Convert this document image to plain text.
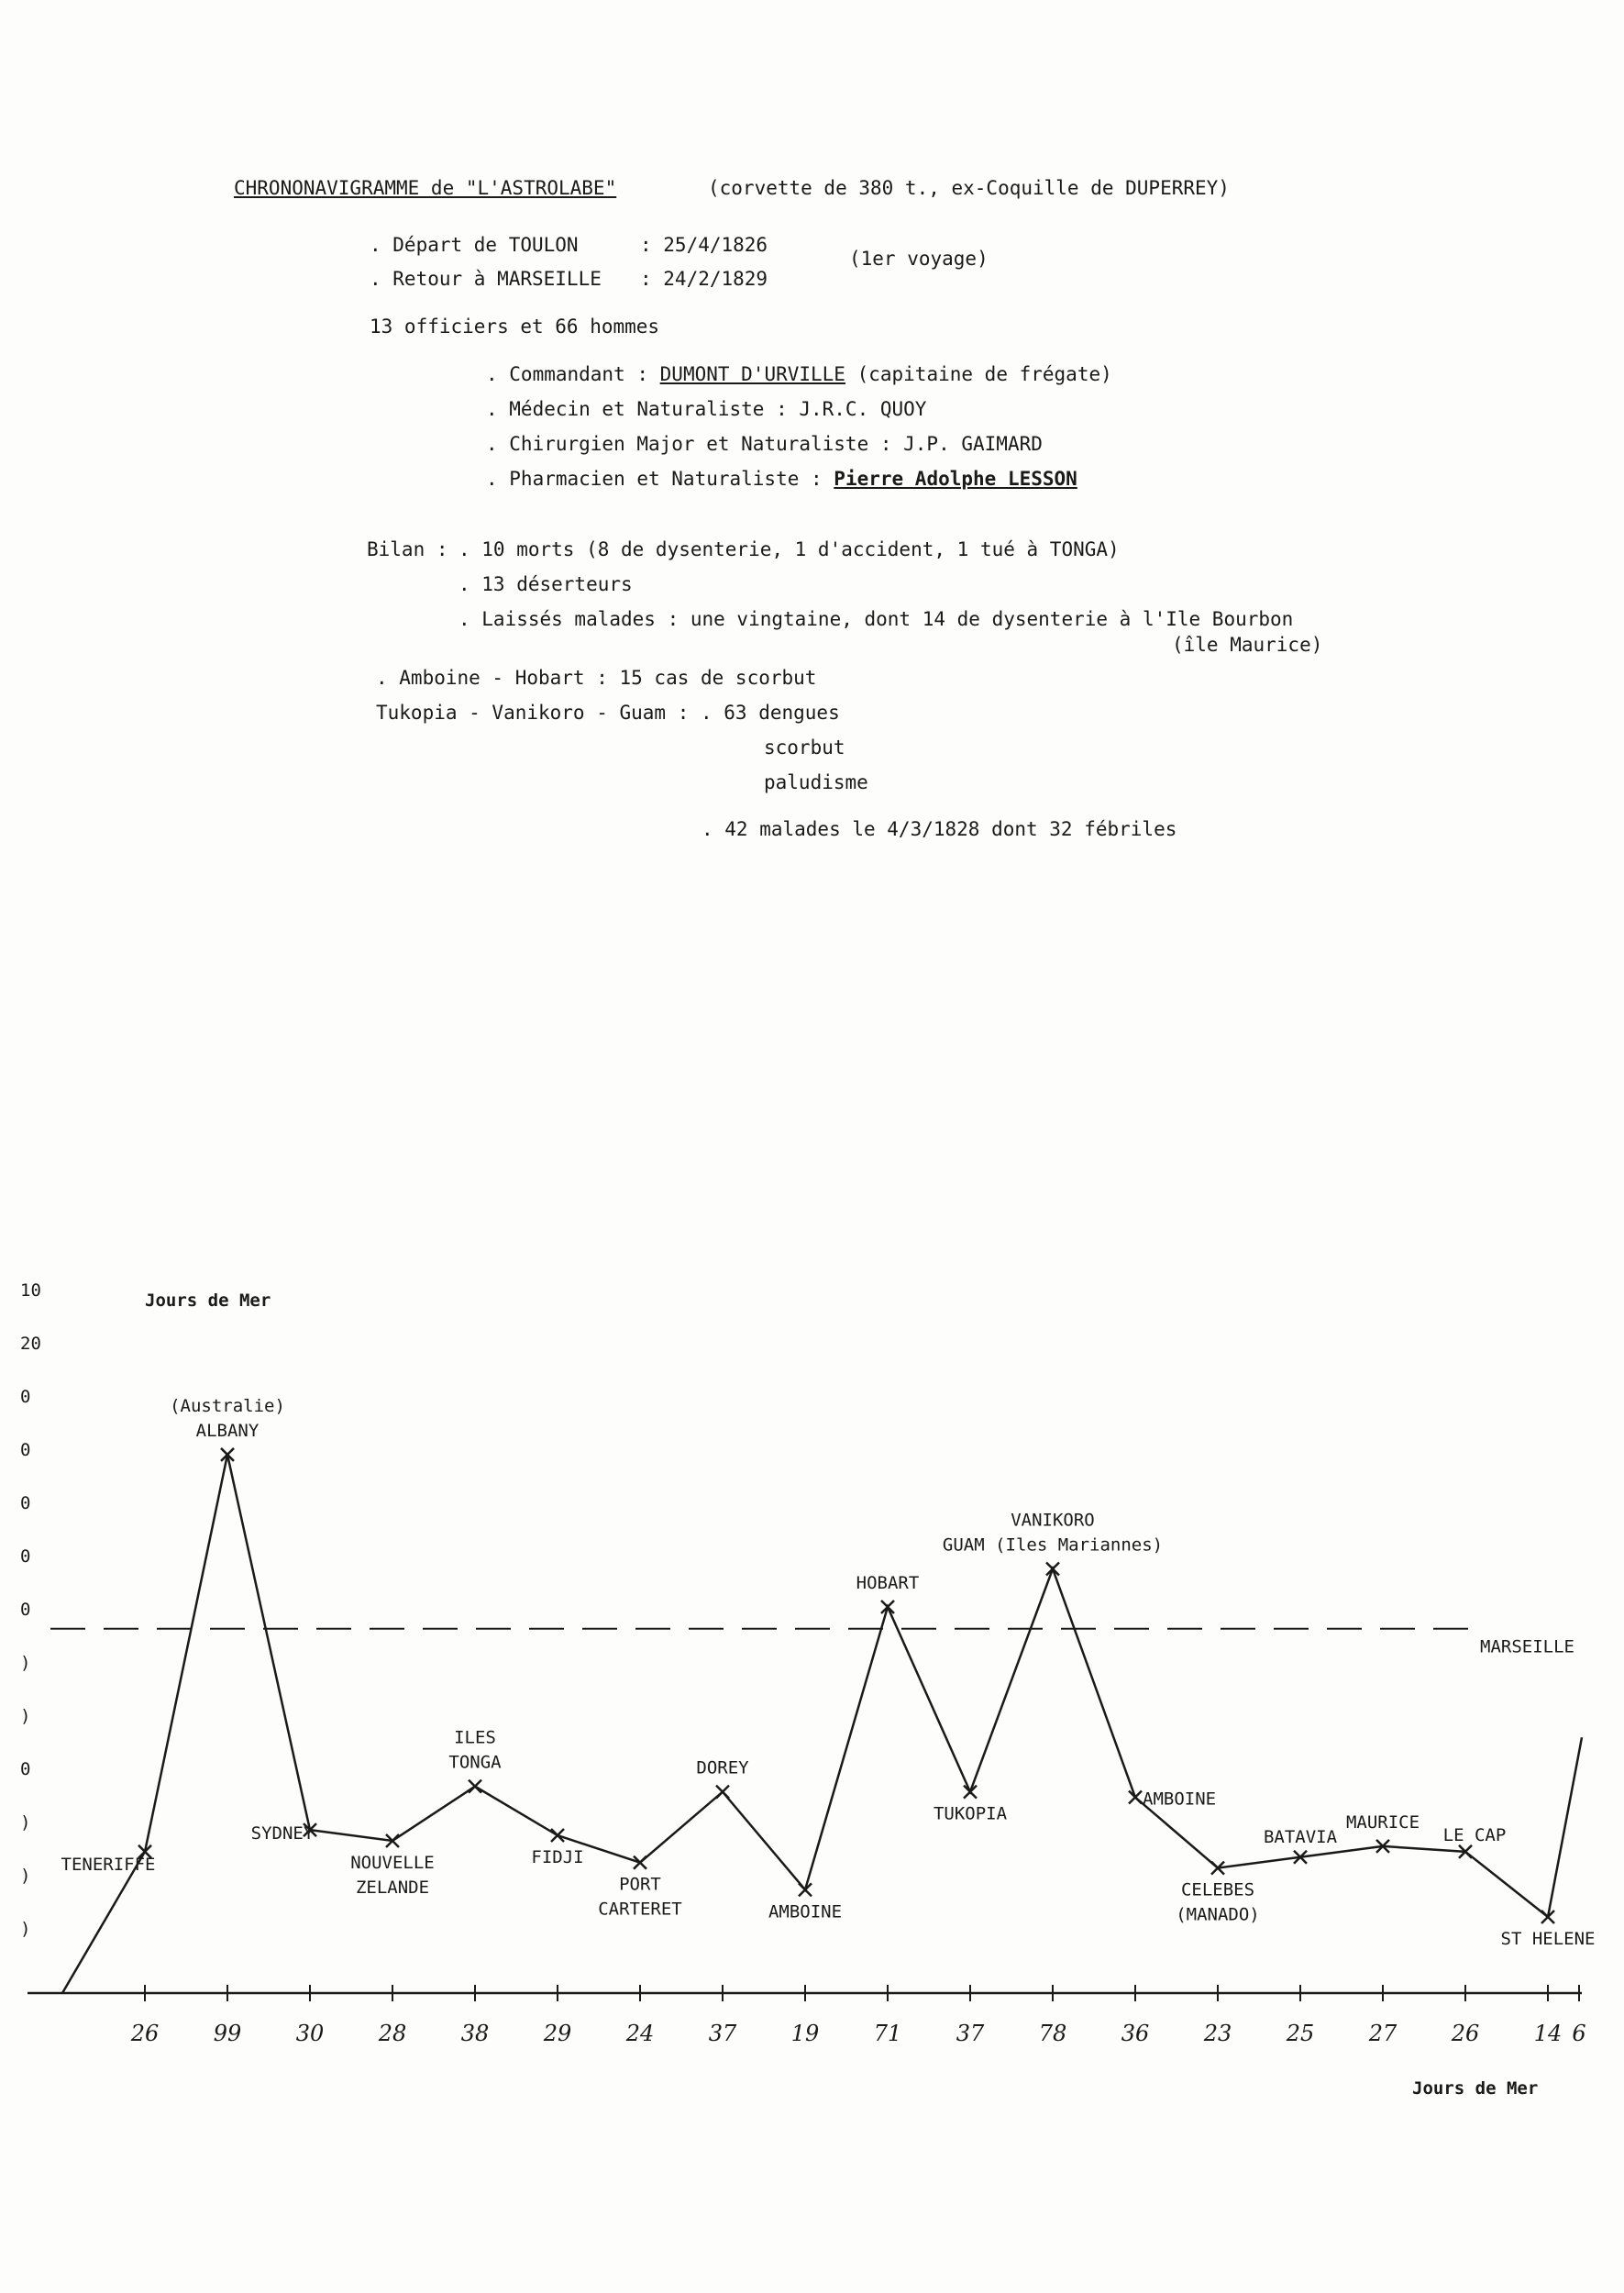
CHRONONAVIGRAMME de "L'ASTROLABE"	(corvette de 380 t., ex-Coquille de DUPERREY)
. Départ de TOULON	: 25/4/1826
. Retour à MARSEILLE : 24/2/1829
(1er voyage)
13 officiers et 66 hommes
. Commandant : DUMONT D'URVILLE (capitaine de frégate)
. Médecin et Naturaliste : J.R.C. QUOY
. Chirurgien Major et Naturaliste : J.P. GAIMARD
. Pharmacien et Naturaliste : Pierre Adolphe LESSON
Bilan : . 10 morts (8 de dysenterie, 1 d'accident, 1 tué à TONGA)
. 13 déserteurs
. Laissés malades : une vingtaine, dont 14 de dysenterie à l'Ile Bourbon
(île Maurice)
. Amboine - Hobart : 15 cas de scorbut
Tukopia - Vanikoro - Guam : . 63 dengues
scorbut
paludisme
. 42 malades le 4/3/1828 dont 32 fébriles
10
20
0
0
0
0
0
)
)
0
)
)
)
Jours de Mer
MARSEILLE
26 99 30 28 38 29 24 37 19 71 37 78 36 23 25 27 26 14 6
TENERIFFE
(Australie) ALBANY
SYDNEY
NOUVELLE ZELANDE
ILES TONGA
FIDJI
PORT CARTERET
DOREY
AMBOINE
HOBART
TUKOPIA
VANIKORO GUAM (Iles Mariannes)
AMBOINE
CELEBES (MANADO)
BATAVIA
MAURICE
LE CAP
ST HELENE
Jours de Mer
